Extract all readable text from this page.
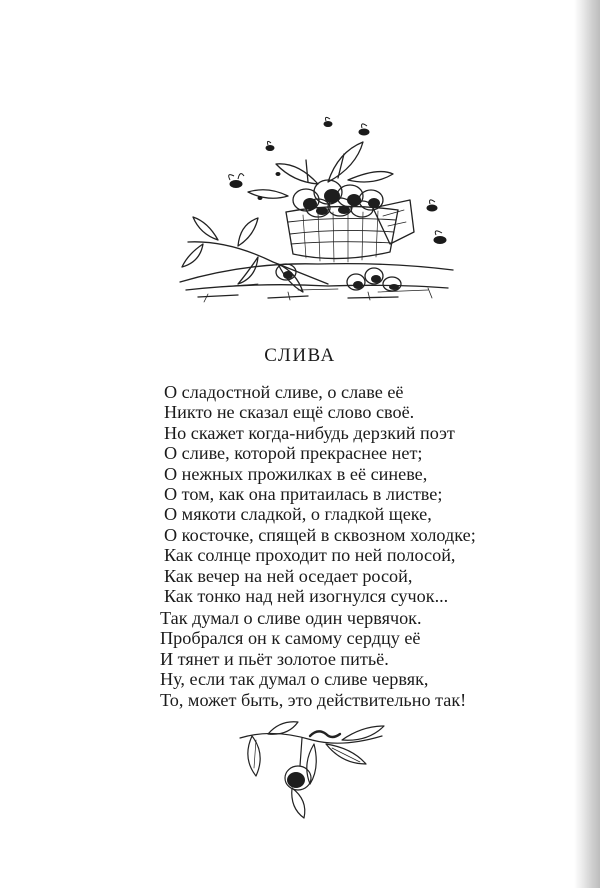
СЛИВА
О сладостной сливе, о славе её
Никто не сказал ещё слово своё.
Но скажет когда-нибудь дерзкий поэт
О сливе, которой прекраснее нет;
О нежных прожилках в её синеве,
О том, как она притаилась в листве;
О мякоти сладкой, о гладкой щеке,
О косточке, спящей в сквозном холодке;
Как солнце проходит по ней полосой,
Как вечер на ней оседает росой,
Как тонко над ней изогнулся сучок...
Так думал о сливе один червячок.
Пробрался он к самому сердцу её
И тянет и пьёт золотое питьё.
Ну, если так думал о сливе червяк,
То, может быть, это действительно так!
